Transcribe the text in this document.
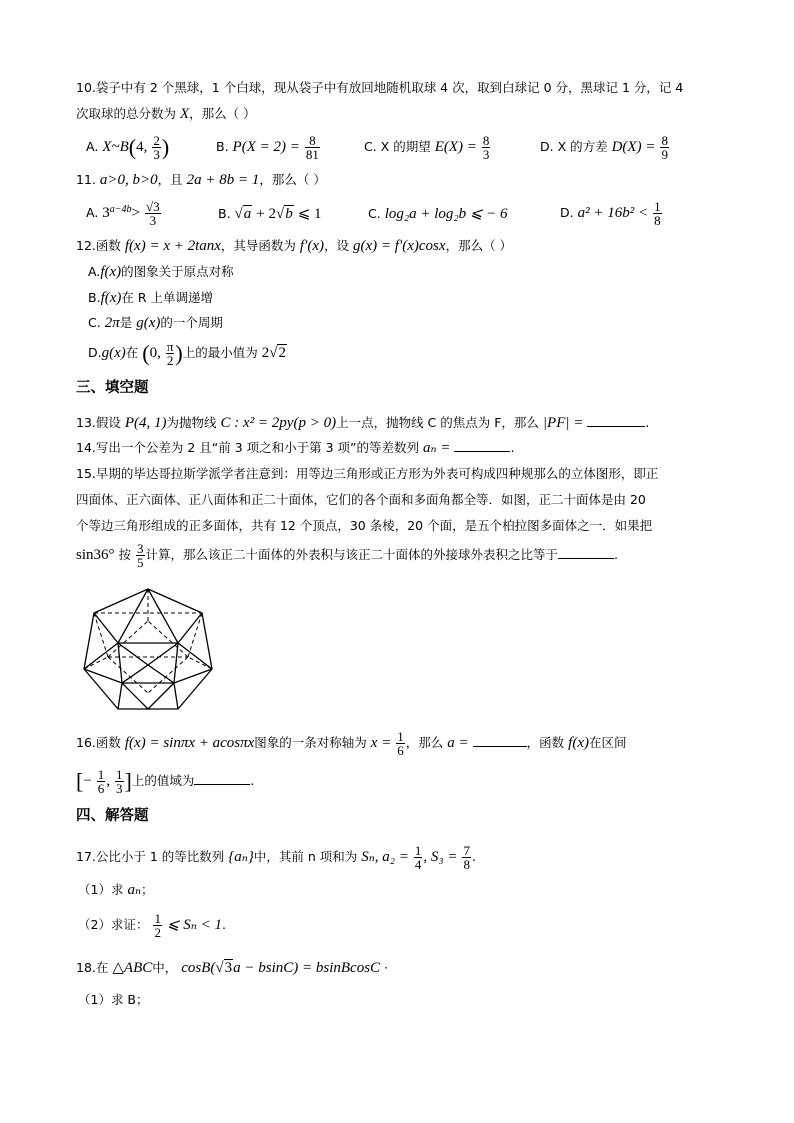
10.袋子中有 2 个黑球，1 个白球，现从袋子中有放回地随机取球 4 次，取到白球记 0 分，黑球记 1 分，记 4
次取球的总分数为 X，那么（ ）
A. X~B(4, $\frac{2}{3}$ )	B. $P(X = 2) = \frac{8}{81}$	C. X 的期望 $E(X) = \frac{8}{3}$	D. X 的方差 $D(X) = \frac{8}{9}$
11. a>0, b>0，且 2a + 8b = 1，那么（ ）
A. $3^{a-4b}> \frac{√3}{3}$	B. √a + 2√b ⩽ 1	C. log₂a + log₂b ⩽ − 6	D. $a^2 + 16b^2 < \frac{1}{8}$
12.函数 f(x) = x + 2tanx，其导函数为 f′(x)，设 g(x) = f′(x)cosx，那么（ ）
A.f(x)的图象关于原点对称
B.f(x)在 R 上单调递增
C. 2π是 g(x)的一个周期
D.g(x)在 (0, $\frac{\pi}{2}$ )上的最小值为 2√2
三、填空题
13.假设 P(4, 1)为抛物线 C : x² = 2py(p > 0)上一点，抛物线 C 的焦点为 F，那么 |PF| =	.
14.写出一个公差为 2 且“前 3 项之和小于第 3 项”的等差数列 aₙ =	.
15.早期的毕达哥拉斯学派学者注意到：用等边三角形或正方形为外表可构成四种规那么的立体图形，即正
四面体、正六面体、正八面体和正二十面体，它们的各个面和多面角都全等．如图，正二十面体是由 20
个等边三角形组成的正多面体，共有 12 个顶点，30 条棱，20 个面，是五个柏拉图多面体之一．如果把
sin36° 按 $\frac{3}{5}$ 计算，那么该正二十面体的外表积与该正二十面体的外接球外表积之比等于	.
16.函数 f(x) = sinπx + acosπx图象的一条对称轴为 $x = \frac{1}{6}$ ，那么 a =	，函数 f(x)在区间
[− $\frac{1}{6}$ , $\frac{1}{3}$ ]上的值域为	.
四、解答题
17.公比小于 1 的等比数列 {aₙ}中，其前 n 项和为 Sₙ, $a_2 = \frac{1}{4}$ , $S_3 = \frac{7}{8}$ .
（1）求 aₙ；
（2）求证： $\frac{1}{2}$ ⩽ Sₙ < 1.
18.在 △ABC中， cosB(√3a − bsinC) = bsinBcosC ·
（1）求 B；
